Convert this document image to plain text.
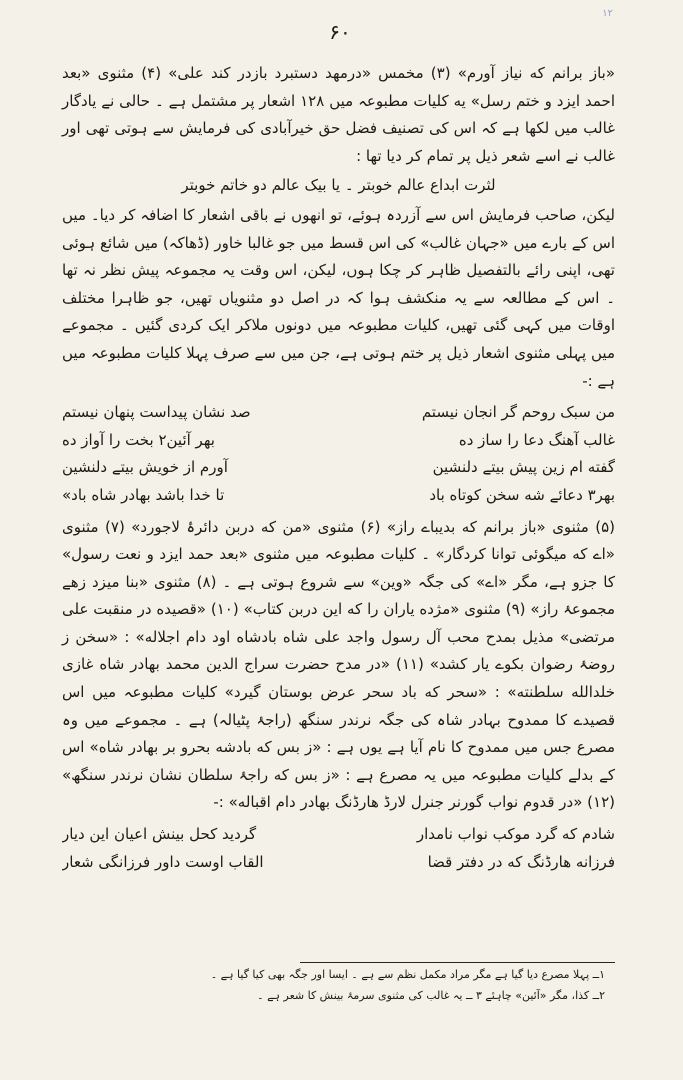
۱۲
۶۰

«باز برانم که نیاز آورم» (۳) مخمس «درمهد دستبرد بازدر کند علی» (۴) مثنوی «بعد احمد ایزد و ختم رسل» یه کلیات مطبوعہ میں ۱۲۸ اشعار پر مشتمل ہے ۔ حالی نے یادگار غالب میں لکھا ہے کہ اس کی تصنیف فضل حق خیرآبادی کی فرمایش سے ہوتی تھی اور غالب نے اسے شعر ذیل پر تمام کر دیا تھا :

لثرت ابداع عالم خوبتر ۔ یا بیک عالم دو خاتم خوبتر

لیکن، صاحب فرمایش اس سے آزردہ ہوئے، تو انھوں نے باقی اشعار کا اضافہ کر دیا۔ میں اس کے بارے میں «جہان غالب» کی اس قسط میں جو غالبا خاور (ڈھاکہ) میں شائع ہوئی تھی، اپنی رائے بالتفصیل ظاہر کر چکا ہوں، لیکن، اس وقت یہ مجموعہ پیش نظر نہ تھا ۔ اس کے مطالعہ سے یہ منکشف ہوا کہ در اصل دو مثنویاں تھیں، جو ظاہرا مختلف اوقات میں کہی گئی تھیں، کلیات مطبوعہ میں دونوں ملاکر ایک کردی گئیں ۔ مجموعے میں پہلی مثنوی اشعار ذیل پر ختم ہوتی ہے، جن میں سے صرف پہلا کلیات مطبوعہ میں ہے :-

من سبک روحم گر انجان نیستم
صد نشان پیداست پنهان نیستم
غالب آهنگ دعا را ساز ده
بهر آئین۲ بخت را آواز ده
گفته ام زین پیش بیتے دلنشین
آورم از خویش بیتے دلنشین
بهر۳ دعائے شه سخن کوتاه باد
تا خدا باشد بهادر شاه باد»

(۵) مثنوی «باز برانم که بدیباے راز» (۶) مثنوی «من که دربن دائرۂ لاجورد» (۷) مثنوی «اے که میگوئی توانا کردگار» ۔ کلیات مطبوعہ میں مثنوی «بعد حمد ایزد و نعت رسول» کا جزو ہے، مگر «اے» کی جگہ «وین» سے شروع ہوتی ہے ۔ (۸) مثنوی «بنا میزد زهے مجموعۂ راز» (۹) مثنوی «مژده یاران را که این دربن کتاب» (۱۰) «قصیده در منقبت علی مرتضی» مذیل بمدح محب آل رسول واجد علی شاه بادشاه اود دام اجلاله» : «سخن ز روضۂ رضوان بکوے یار کشد» (۱۱) «در مدح حضرت سراج الدین محمد بهادر شاه غازی خلدالله سلطنته» : «سحر که باد سحر عرض بوستان گیرد» کلیات مطبوعہ میں اس قصیدے کا ممدوح بہادر شاہ کی جگہ نرندر سنگھ (راجۂ پٹیالہ) ہے ۔ مجموعے میں وہ مصرع جس میں ممدوح کا نام آیا ہے یوں ہے : «ز بس که بادشه بحرو بر بهادر شاه» اس کے بدلے کلیات مطبوعہ میں یہ مصرع ہے : «ز بس که راجۂ سلطان نشان نرندر سنگھ» (۱۲) «در قدوم نواب گورنر جنرل لارڈ هارڈنگ بهادر دام اقباله» :-

شادم که گرد موکب نواب نامدار
گردید کحل بینش اعیان این دیار
فرزانه هارڈنگ که در دفتر قضا
القاب اوست داور فرزانگی شعار
۱ــ پہلا مصرع دیا گیا ہے مگر مراد مکمل نظم سے ہے ۔ ایسا اور جگہ بھی کیا گیا ہے ۔
۲ــ کذا، مگر «آئین» چاہئے ۳ ــ یہ غالب کی مثنوی سرمۂ بینش کا شعر ہے ۔
